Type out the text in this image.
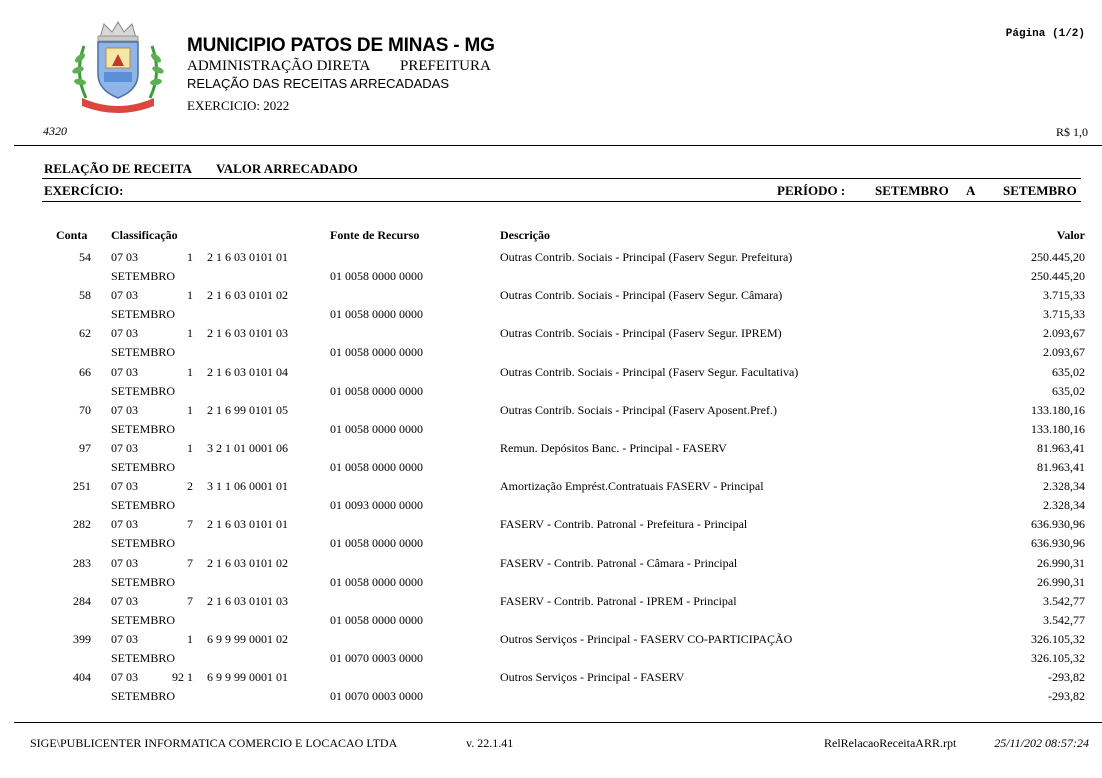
MUNICIPIO PATOS DE MINAS - MG
ADMINISTRAÇÃO DIRETA PREFEITURA
RELAÇÃO DAS RECEITAS ARRECADADAS
EXERCICIO: 2022
Página (1/2)
4320	R$ 1,0
RELAÇÃO DE RECEITA VALOR ARRECADADO
EXERCÍCIO:	PERÍODO : SETEMBRO A SETEMBRO
Conta Classificação	Fonte de Recurso	Descrição	Valor
54 07 03	1 2 1 6 03 0101 01	Outras Contrib. Sociais - Principal (Faserv Segur. Prefeitura)	250.445,20
SETEMBRO	01 0058 0000 0000	250.445,20
58 07 03	1 2 1 6 03 0101 02	Outras Contrib. Sociais - Principal (Faserv Segur. Câmara)	3.715,33
SETEMBRO	01 0058 0000 0000	3.715,33
62 07 03	1 2 1 6 03 0101 03	Outras Contrib. Sociais - Principal (Faserv Segur. IPREM)	2.093,67
SETEMBRO	01 0058 0000 0000	2.093,67
66 07 03	1 2 1 6 03 0101 04	Outras Contrib. Sociais - Principal (Faserv Segur. Facultativa)	635,02
SETEMBRO	01 0058 0000 0000	635,02
70 07 03	1 2 1 6 99 0101 05	Outras Contrib. Sociais - Principal (Faserv Aposent.Pref.)	133.180,16
SETEMBRO	01 0058 0000 0000	133.180,16
97 07 03	1 3 2 1 01 0001 06	Remun. Depósitos Banc. - Principal - FASERV	81.963,41
SETEMBRO	01 0058 0000 0000	81.963,41
251 07 03	2 3 1 1 06 0001 01	Amortização Emprést.Contratuais FASERV - Principal	2.328,34
SETEMBRO	01 0093 0000 0000	2.328,34
282 07 03	7 2 1 6 03 0101 01	FASERV - Contrib. Patronal - Prefeitura - Principal	636.930,96
SETEMBRO	01 0058 0000 0000	636.930,96
283 07 03	7 2 1 6 03 0101 02	FASERV - Contrib. Patronal - Câmara - Principal	26.990,31
SETEMBRO	01 0058 0000 0000	26.990,31
284 07 03	7 2 1 6 03 0101 03	FASERV - Contrib. Patronal - IPREM - Principal	3.542,77
SETEMBRO	01 0058 0000 0000	3.542,77
399 07 03	1 6 9 9 99 0001 02	Outros Serviços - Principal - FASERV CO-PARTICIPAÇÃO	326.105,32
SETEMBRO	01 0070 0003 0000	326.105,32
404 07 03	92 1 6 9 9 99 0001 01	Outros Serviços - Principal - FASERV	-293,82
SETEMBRO	01 0070 0003 0000	-293,82
SIGE\PUBLICENTER INFORMATICA COMERCIO E LOCACAO LTDA	v. 22.1.41	RelRelacaoReceitaARR.rpt	25/11/202 08:57:24
